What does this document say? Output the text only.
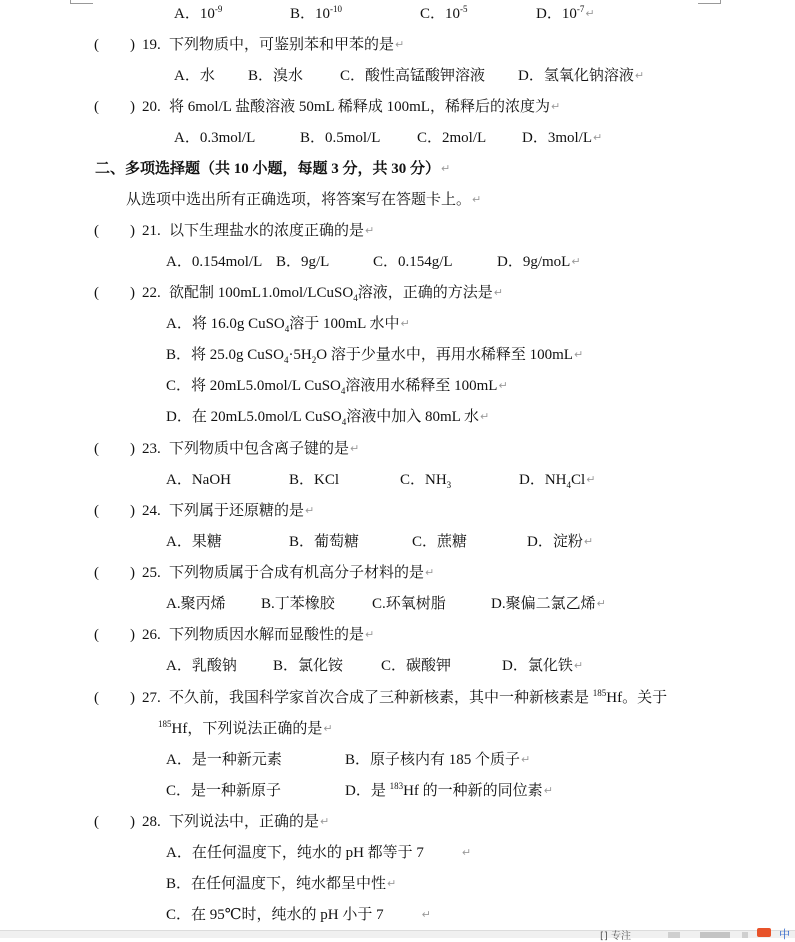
A．$10^{-9}$	B．$10^{-10}$	C．$10^{-5}$	D．$10^{-7}$ ↵
( ) 19. 下列物质中，可鉴别苯和甲苯的是 ↵
A．水 B．溴水 C．酸性高锰酸钾溶液 D．氢氧化钠溶液 ↵
( ) 20. 将 6mol/L 盐酸溶液 50mL 稀释成 100mL，稀释后的浓度为 ↵
A．0.3mol/L	B．0.5mol/L C．2mol/L D．3mol/L ↵
二、多项选择题（共 10 小题，每题 3 分，共 30 分） ↵
从选项中选出所有正确选项，将答案写在答题卡上。 ↵
( ) 21. 以下生理盐水的浓度正确的是 ↵
A．0.154mol/L B．9g/L	C．0.154g/L	D．9g/moL ↵
( ) 22. 欲配制 100mL1.0mol/LCuSO$_4$溶液，正确的方法是 ↵
A．将 16.0g CuSO$_4$溶于 100mL 水中 ↵
B．将 25.0g $CuSO_4\cdot 5H_2O$ 溶于少量水中，再用水稀释至 100mL ↵
C．将 20mL5.0mol/L CuSO$_4$溶液用水稀释至 100mL ↵
D．在 20mL5.0mol/L CuSO$_4$溶液中加入 80mL 水 ↵
( ) 23. 下列物质中包含离子键的是 ↵
A．NaOH	B．KCl	C．$NH_3$	D．$NH_4Cl$ ↵
( ) 24. 下列属于还原糖的是 ↵
A．果糖	B．葡萄糖	C．蔗糖	D．淀粉 ↵
( ) 25. 下列物质属于合成有机高分子材料的是 ↵
A.聚丙烯 B.丁苯橡胶 C.环氧树脂	D.聚偏二氯乙烯 ↵
( ) 26. 下列物质因水解而显酸性的是 ↵
A．乳酸钠 B．氯化铵	C．碳酸钾	D．氯化铁 ↵
( ) 27. 不久前，我国科学家首次合成了三种新核素，其中一种新核素是 $^{185}$Hf。关于
$^{185}$Hf，下列说法正确的是 ↵
A．是一种新元素	B．原子核内有 185 个质子 ↵
C．是一种新原子	D．是 $^{183}$Hf 的一种新的同位素 ↵
( ) 28. 下列说法中，正确的是 ↵
A．在任何温度下，纯水的 pH 都等于 7	↵
B．在任何温度下，纯水都呈中性 ↵
C．在 95℃时，纯水的 pH 小于 7	↵
[] 专注	中
